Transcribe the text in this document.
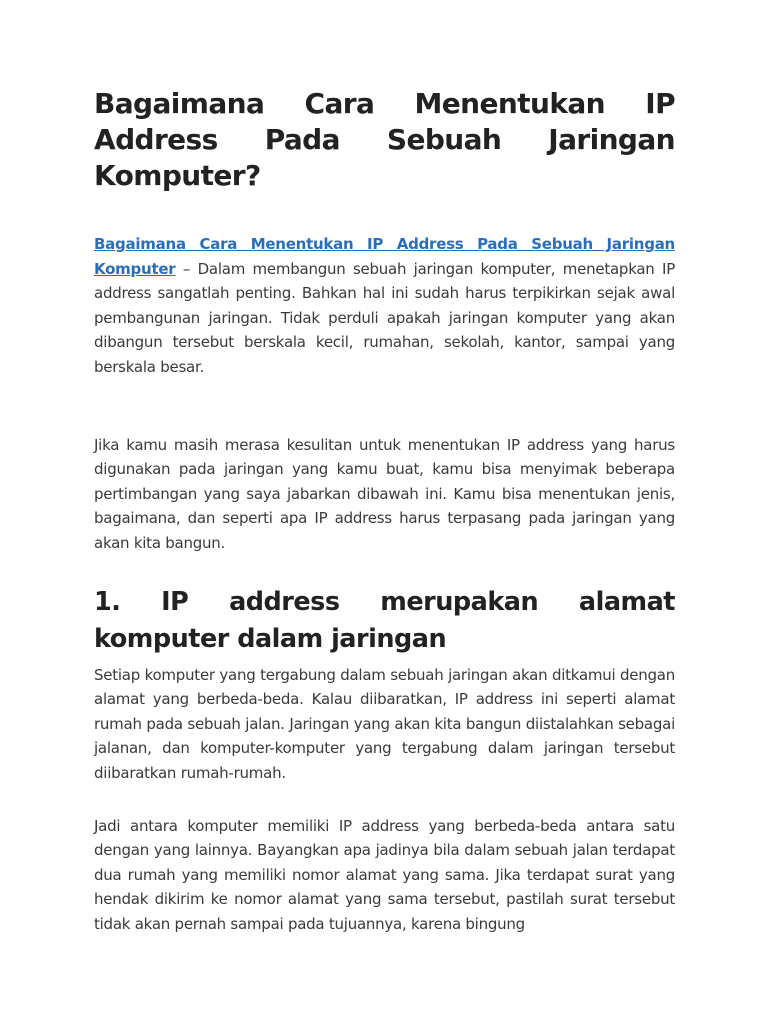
Bagaimana Cara Menentukan IP Address Pada Sebuah Jaringan Komputer?

Bagaimana Cara Menentukan IP Address Pada Sebuah Jaringan Komputer – Dalam membangun sebuah jaringan komputer, menetapkan IP address sangatlah penting. Bahkan hal ini sudah harus terpikirkan sejak awal pembangunan jaringan. Tidak perduli apakah jaringan komputer yang akan dibangun tersebut berskala kecil, rumahan, sekolah, kantor, sampai yang berskala besar.

Jika kamu masih merasa kesulitan untuk menentukan IP address yang harus digunakan pada jaringan yang kamu buat, kamu bisa menyimak beberapa pertimbangan yang saya jabarkan dibawah ini. Kamu bisa menentukan jenis, bagaimana, dan seperti apa IP address harus terpasang pada jaringan yang akan kita bangun.

1. IP address merupakan alamat komputer dalam jaringan

Setiap komputer yang tergabung dalam sebuah jaringan akan ditkamui dengan alamat yang berbeda-beda. Kalau diibaratkan, IP address ini seperti alamat rumah pada sebuah jalan. Jaringan yang akan kita bangun diistalahkan sebagai jalanan, dan komputer-komputer yang tergabung dalam jaringan tersebut diibaratkan rumah-rumah.

Jadi antara komputer memiliki IP address yang berbeda-beda antara satu dengan yang lainnya. Bayangkan apa jadinya bila dalam sebuah jalan terdapat dua rumah yang memiliki nomor alamat yang sama. Jika terdapat surat yang hendak dikirim ke nomor alamat yang sama tersebut, pastilah surat tersebut tidak akan pernah sampai pada tujuannya, karena bingung
